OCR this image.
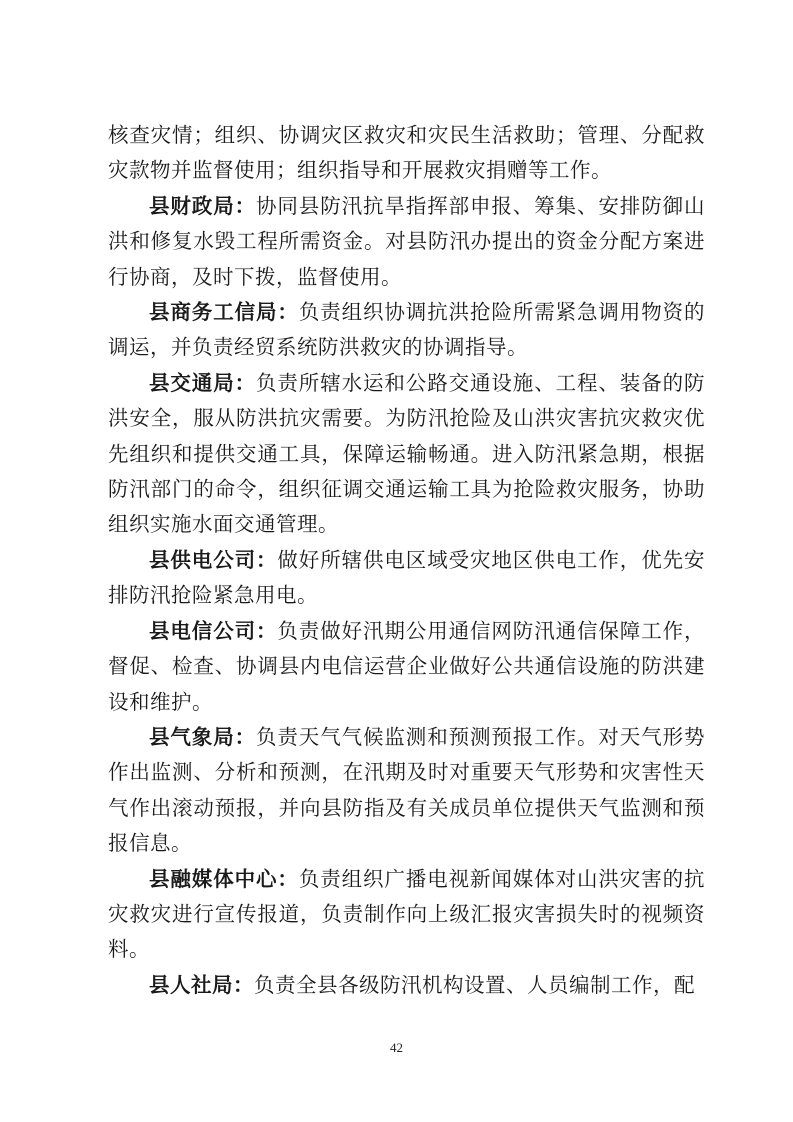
核查灾情；组织、协调灾区救灾和灾民生活救助；管理、分配救灾款物并监督使用；组织指导和开展救灾捐赠等工作。

县财政局：协同县防汛抗旱指挥部申报、筹集、安排防御山洪和修复水毁工程所需资金。对县防汛办提出的资金分配方案进行协商，及时下拨，监督使用。

县商务工信局：负责组织协调抗洪抢险所需紧急调用物资的调运，并负责经贸系统防洪救灾的协调指导。

县交通局：负责所辖水运和公路交通设施、工程、装备的防洪安全，服从防洪抗灾需要。为防汛抢险及山洪灾害抗灾救灾优先组织和提供交通工具，保障运输畅通。进入防汛紧急期，根据防汛部门的命令，组织征调交通运输工具为抢险救灾服务，协助组织实施水面交通管理。

县供电公司：做好所辖供电区域受灾地区供电工作，优先安排防汛抢险紧急用电。

县电信公司：负责做好汛期公用通信网防汛通信保障工作，督促、检查、协调县内电信运营企业做好公共通信设施的防洪建设和维护。

县气象局：负责天气气候监测和预测预报工作。对天气形势作出监测、分析和预测，在汛期及时对重要天气形势和灾害性天气作出滚动预报，并向县防指及有关成员单位提供天气监测和预报信息。

县融媒体中心：负责组织广播电视新闻媒体对山洪灾害的抗灾救灾进行宣传报道，负责制作向上级汇报灾害损失时的视频资料。

县人社局：负责全县各级防汛机构设置、人员编制工作，配

42
